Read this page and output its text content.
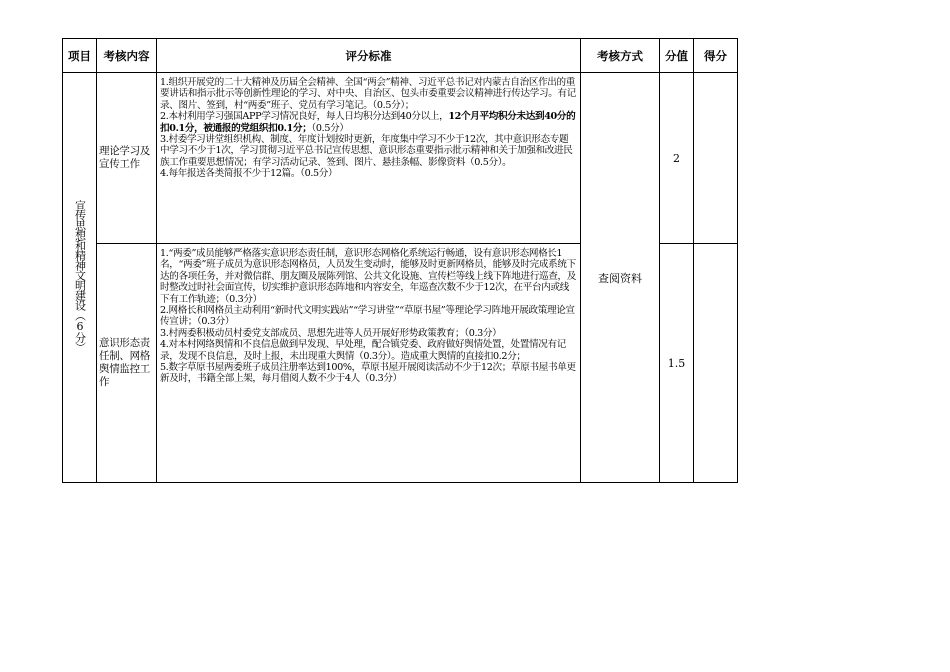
项目	考核内容	评分标准	考核方式	分值	得分
宣传思想和精神文明建设（6分）	理论学习及宣传工作	1.组织开展党的二十大精神及历届全会精神、全国“两会”精神、习近平总书记对内蒙古自治区作出的重要讲话和指示批示等创新性理论的学习、对中央、自治区、包头市委重要会议精神进行传达学习。有记录、图片、签到，村“两委”班子、党员有学习笔记。（0.5分）；

2.本村利用学习强国APP学习情况良好，每人日均积分达到40分以上，12个月平均积分未达到40分的扣0.1分，被通报的党组织扣0.1分；（0.5分）

3.村委学习讲堂组织机构、制度、年度计划按时更新，年度集中学习不少于12次，其中意识形态专题中学习不少于1次，学习贯彻习近平总书记宣传思想、意识形态重要指示批示精神和关于加强和改进民族工作重要思想情况；有学习活动记录、签到、图片、悬挂条幅、影像资料（0.5分）。

4.每年报送各类简报不少于12篇。（0.5分）	查阅资料	2	
	意识形态责任制、网格舆情监控工作	1.“两委”成员能够严格落实意识形态责任制，意识形态网格化系统运行畅通，设有意识形态网格长1名，“两委”班子成员为意识形态网格员，人员发生变动时，能够及时更新网格员，能够及时完成系统下达的各项任务，并对微信群、朋友圈及展陈列馆、公共文化设施、宣传栏等线上线下阵地进行巡查，及时整改过时社会面宣传，切实维护意识形态阵地和内容安全，年巡查次数不少于12次，在平台内或线下有工作轨迹；（0.3分）

2.网格长和网格员主动利用“新时代文明实践站”“学习讲堂”“草原书屋”等理论学习阵地开展政策理论宣传宣讲；（0.3分）

3.村两委积极动员村委党支部成员、思想先进等人员开展好形势政策教育；（0.3分）

4.对本村网络舆情和不良信息做到早发现、早处理，配合镇党委、政府做好舆情处置，处置情况有记录，发现不良信息，及时上报，未出现重大舆情（0.3分）。造成重大舆情的直接扣0.2分；

5.数字草原书屋两委班子成员注册率达到100%，草原书屋开展阅读活动不少于12次；草原书屋书单更新及时，书籍全部上架，每月借阅人数不少于4人（0.3分）		1.5	
